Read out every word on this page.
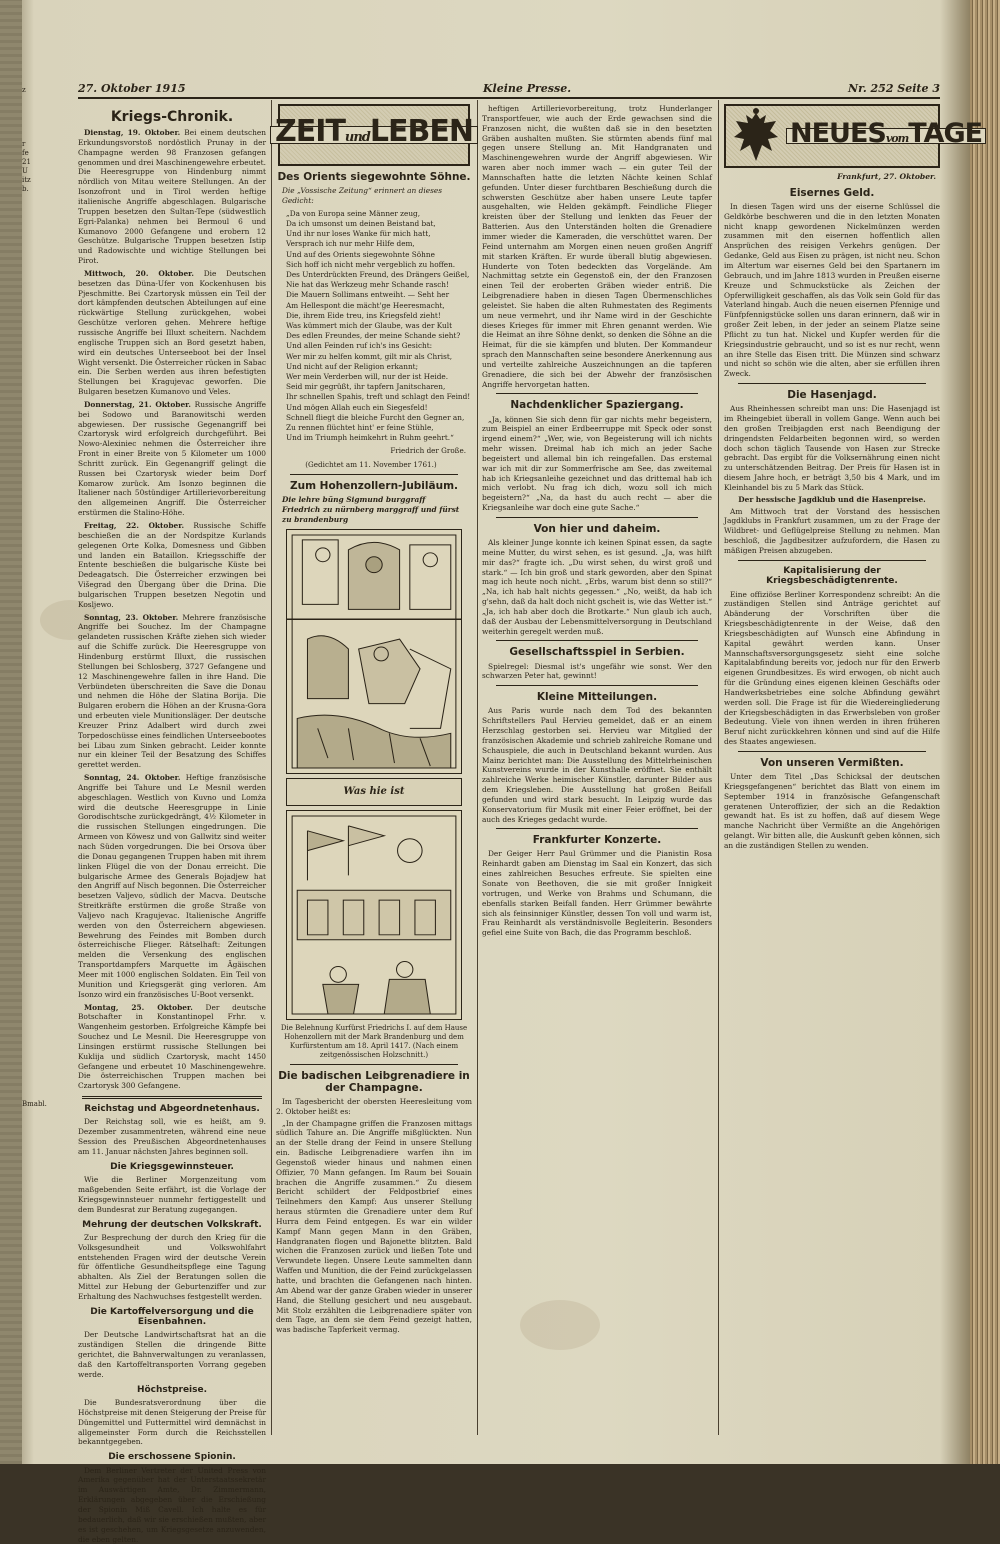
z
r
fe
21
U
itz
b.
Bmabl.
27. Oktober 1915	Kleine Presse.	Nr. 252 Seite 3
Kriegs-Chronik.

Dienstag, 19. Oktober. Bei einem deutschen Erkundungsvorstoß nordöstlich Prunay in der Champagne werden 98 Franzosen gefangen genommen und drei Maschinengewehre erbeutet. Die Heeresgruppe von Hindenburg nimmt nördlich von Mitau weitere Stellungen. An der Isonzofront und in Tirol werden heftige italienische Angriffe abgeschlagen. Bulgarische Truppen besetzen den Sultan-Tepe (südwestlich Egri-Palanka) nehmen bei Bermoul 6 und Kumanovo 2000 Gefangene und erobern 12 Geschütze. Bulgarische Truppen besetzen Istip und Radowischte und wichtige Stellungen bei Pirot.

Mittwoch, 20. Oktober. Die Deutschen besetzen das Düna-Ufer von Kockenhusen bis Pjeschmitte. Bei Czartorysk müssen ein Teil der dort kämpfenden deutschen Abteilungen auf eine rückwärtige Stellung zurückgehen, wobei Geschütze verloren gehen. Mehrere heftige russische Angriffe bei Illuxt scheitern. Nachdem englische Truppen sich an Bord gesetzt haben, wird ein deutsches Unterseeboot bei der Insel Wight versenkt. Die Österreicher rücken in Sabac ein. Die Serben werden aus ihren befestigten Stellungen bei Kragujevac geworfen. Die Bulgaren besetzen Kumanovo und Veles.

Donnerstag, 21. Oktober. Russische Angriffe bei Sodowo und Baranowitschi werden abgewiesen. Der russische Gegenangriff bei Czartorysk wird erfolgreich durchgeführt. Bei Nowo-Alexiniec nehmen die Österreicher ihre Front in einer Breite von 5 Kilometer um 1000 Schritt zurück. Ein Gegenangriff gelingt die Russen bei Czartorysk wieder beim Dorf Komarow zurück. Am Isonzo beginnen die Italiener nach 50stündiger Artillerievorbereitung den allgemeinen Angriff. Die Österreicher erstürmen die Stalino-Höhe.

Freitag, 22. Oktober. Russische Schiffe beschießen die an der Nordspitze Kurlands gelegenen Orte Kolka, Domesness und Gibben und landen ein Bataillon. Kriegsschiffe der Entente beschießen die bulgarische Küste bei Dedeagatsch. Die Österreicher erzwingen bei Višegrad den Übergang über die Drina. Die bulgarischen Truppen besetzen Negotin und Kosljewo.

Sonntag, 23. Oktober. Mehrere französische Angriffe bei Souchez. Im der Champagne gelandeten russischen Kräfte ziehen sich wieder auf die Schiffe zurück. Die Heeresgruppe von Hindenburg erstürmt Illuxt, die russischen Stellungen bei Schlosberg, 3727 Gefangene und 12 Maschinengewehre fallen in ihre Hand. Die Verbündeten überschreiten die Save die Donau und nehmen die Höhe der Slatina Borija. Die Bulgaren erobern die Höhen an der Krusna-Gora und erbeuten viele Munitionsläger. Der deutsche Kreuzer Prinz Adalbert wird durch zwei Torpedoschüsse eines feindlichen Unterseebootes bei Libau zum Sinken gebracht. Leider konnte nur ein kleiner Teil der Besatzung des Schiffes gerettet werden.

Sonntag, 24. Oktober. Heftige französische Angriffe bei Tahure und Le Mesnil werden abgeschlagen. Westlich von Kuvno und Lomża wird die deutsche Heeresgruppe in Linie Gorodischtsche zurückgedrängt, 4½ Kilometer in die russischen Stellungen eingedrungen. Die Armeen von Köwesz und von Gallwitz sind weiter nach Süden vorgedrungen. Die bei Orsova über die Donau gegangenen Truppen haben mit ihrem linken Flügel die von der Donau erreicht. Die bulgarische Armee des Generals Bojadjew hat den Angriff auf Nisch begonnen. Die Österreicher besetzen Valjevo, südlich der Macva. Deutsche Streitkräfte erstürmen die große Straße von Valjevo nach Kragujevac. Italienische Angriffe werden von den Österreichern abgewiesen. Bewehrung des Feindes mit Bomben durch österreichische Flieger. Rätselhaft: Zeitungen melden die Versenkung des englischen Transportdampfers Marquette im Ägäischen Meer mit 1000 englischen Soldaten. Ein Teil von Munition und Kriegsgerät ging verloren. Am Isonzo wird ein französisches U-Boot versenkt.

Montag, 25. Oktober. Der deutsche Botschafter in Konstantinopel Frhr. v. Wangenheim gestorben. Erfolgreiche Kämpfe bei Souchez und Le Mesnil. Die Heeresgruppe von Linsingen erstürmt russische Stellungen bei Kuklija und südlich Czartorysk, macht 1450 Gefangene und erbeutet 10 Maschinengewehre. Die österreichischen Truppen machen bei Czartorysk 300 Gefangene.

Reichstag und Abgeordnetenhaus.

Der Reichstag soll, wie es heißt, am 9. Dezember zusammentreten, während eine neue Session des Preußischen Abgeordnetenhauses am 11. Januar nächsten Jahres beginnen soll.

Die Kriegsgewinnsteuer.

Wie die Berliner Morgenzeitung vom maßgebenden Seite erfährt, ist die Vorlage der Kriegsgewinnsteuer nunmehr fertiggestellt und dem Bundesrat zur Beratung zugegangen.

Mehrung der deutschen Volkskraft.

Zur Besprechung der durch den Krieg für die Volksgesundheit und Volkswohlfahrt entstehenden Fragen wird der deutsche Verein für öffentliche Gesundheitspflege eine Tagung abhalten. Als Ziel der Beratungen sollen die Mittel zur Hebung der Geburtenziffer und zur Erhaltung des Nachwuchses festgestellt werden.

Die Kartoffelversorgung und die Eisenbahnen.

Der Deutsche Landwirtschaftsrat hat an die zuständigen Stellen die dringende Bitte gerichtet, die Bahnverwaltungen zu veranlassen, daß den Kartoffeltransporten Vorrang gegeben werde.

Höchstpreise.

Die Bundesratsverordnung über die Höchstpreise mit denen Steigerung der Preise für Düngemittel und Futtermittel wird demnächst in allgemeinster Form durch die Reichsstellen bekanntgegeben.

Die erschossene Spionin.

Dem Berliner Vertreter der United Press von Amerika gegenüber hat der Unterstaatssekretär im Auswärtigen Amte, Dr. Zimmermann, Erklärungen abgegeben über die Erschießung der Spionin Miß Cavell. Ich halte es für bedauerlich, daß wir sie erschießen mußten, aber es ist geschehen, um Kriegsgesetze anzuwenden, die eben gelten.

ZEITundLEBEN
Des Orients siegewohnte Söhne.
Die „Vossische Zeitung“ erinnert an dieses Gedicht:
„Da von Europa seine Männer zeug,
Da ich umsonst um deinen Beistand bat,
Und ihr nur loses Wanke für mich hatt,
Versprach ich nur mehr Hilfe dem,
Und auf des Orients siegewohnte Söhne
Sich hoff ich nicht mehr vergeblich zu hoffen.
Des Unterdrückten Freund, des Drängers Geißel,
Nie hat das Werkzeug mehr Schande rasch!
Die Mauern Sollimans entweiht. — Seht her
Am Hellespont die mächt'ge Heeresmacht,
Die, ihrem Eide treu, ins Kriegsfeld zieht!
Was kümmert mich der Glaube, was der Kult
Des edlen Freundes, der meine Schande sieht?
Und allen Feinden ruf ich's ins Gesicht:
Wer mir zu helfen kommt, gilt mir als Christ,
Und nicht auf der Religion erkannt;
Wer mein Verderben will, nur der ist Heide.
Seid mir gegrüßt, ihr tapfern Janitscharen,
Ihr schnellen Spahis, treft und schlagt den Feind!
Und mögen Allah euch ein Siegesfeld!
Schnell fliegt die bleiche Furcht den Gegner an,
Zu rennen flüchtet hint' er feine Stühle,
Und im Triumph heimkehrt in Ruhm geehrt.“
Friedrich der Große.
(Gedichtet am 11. November 1761.)
Zum Hohenzollern-Jubiläum.
Die lehre büng Sigmund burggraff Friedrich zu nürnberg marggraff und fürst zu brandenburg
Was hie ist
Die Belehnung Kurfürst Friedrichs I. auf dem Hause Hohenzollern mit der Mark Brandenburg und dem Kurfürstentum am 18. April 1417. (Nach einem zeitgenössischen Holzschnitt.)
Die badischen Leibgrenadiere in der Champagne.

Im Tagesbericht der obersten Heeresleitung vom 2. Oktober heißt es:

„In der Champagne griffen die Franzosen mittags südlich Tahure an. Die Angriffe mißglückten. Nun an der Stelle drang der Feind in unsere Stellung ein. Badische Leibgrenadiere warfen ihn im Gegenstoß wieder hinaus und nahmen einen Offizier, 70 Mann gefangen. Im Raum bei Souain brachen die Angriffe zusammen.“ Zu diesem Bericht schildert der Feldpostbrief eines Teilnehmers den Kampf: Aus unserer Stellung heraus stürmten die Grenadiere unter dem Ruf Hurra dem Feind entgegen. Es war ein wilder Kampf Mann gegen Mann in den Gräben, Handgranaten flogen und Bajonette blitzten. Bald wichen die Franzosen zurück und ließen Tote und Verwundete liegen. Unsere Leute sammelten dann Waffen und Munition, die der Feind zurückgelassen hatte, und brachten die Gefangenen nach hinten. Am Abend war der ganze Graben wieder in unserer Hand, die Stellung gesichert und neu ausgebaut. Mit Stolz erzählten die Leibgrenadiere später von dem Tage, an dem sie dem Feind gezeigt hatten, was badische Tapferkeit vermag.

heftigen Artillerievorbereitung, trotz Hunderlanger Transportfeuer, wie auch der Erde gewachsen sind die Franzosen nicht, die wußten daß sie in den besetzten Gräben aushalten mußten. Sie stürmten abends fünf mal gegen unsere Stellung an. Mit Handgranaten und Maschinengewehren wurde der Angriff abgewiesen. Wir waren aber noch immer wach — ein guter Teil der Mannschaften hatte die letzten Nächte keinen Schlaf gefunden. Unter dieser furchtbaren Beschießung durch die schwersten Geschütze aber haben unsere Leute tapfer ausgehalten, wie Helden gekämpft. Feindliche Flieger kreisten über der Stellung und lenkten das Feuer der Batterien. Aus den Unterständen holten die Grenadiere immer wieder die Kameraden, die verschüttet waren. Der Feind unternahm am Morgen einen neuen großen Angriff mit starken Kräften. Er wurde überall blutig abgewiesen. Hunderte von Toten bedeckten das Vorgelände. Am Nachmittag setzte ein Gegenstoß ein, der den Franzosen einen Teil der eroberten Gräben wieder entriß. Die Leibgrenadiere haben in diesen Tagen Übermenschliches geleistet. Sie haben die alten Ruhmestaten des Regiments um neue vermehrt, und ihr Name wird in der Geschichte dieses Krieges für immer mit Ehren genannt werden. Wie die Heimat an ihre Söhne denkt, so denken die Söhne an die Heimat, für die sie kämpfen und bluten. Der Kommandeur sprach den Mannschaften seine besondere Anerkennung aus und verteilte zahlreiche Auszeichnungen an die tapferen Grenadiere, die sich bei der Abwehr der französischen Angriffe hervorgetan hatten.

Nachdenklicher Spaziergang.

„Ja, können Sie sich denn für gar nichts mehr begeistern, zum Beispiel an einer Erdbeerruppe mit Speck oder sonst irgend einem?“ „Wer, wie, von Begeisterung will ich nichts mehr wissen. Dreimal hab ich mich an jeder Sache begeistert und allemal bin ich reingefallen. Das erstemal war ich mit dir zur Sommerfrische am See, das zweitemal hab ich Kriegsanleihe gezeichnet und das drittemal hab ich mich verlobt. Nu frag ich dich, wozu soll ich mich begeistern?“ „Na, da hast du auch recht — aber die Kriegsanleihe war doch eine gute Sache.“

Von hier und daheim.

Als kleiner Junge konnte ich keinen Spinat essen, da sagte meine Mutter, du wirst sehen, es ist gesund. „Ja, was hilft mir das?“ fragte ich. „Du wirst sehen, du wirst groß und stark.“ — Ich bin groß und stark geworden, aber den Spinat mag ich heute noch nicht. „Erbs, warum bist denn so still?“ „Na, ich hab halt nichts gegessen.“ „No, weißt, da hab ich g'sehn, daß da halt doch nicht gscheit is, wie das Wetter ist.“ „Ja, ich hab aber doch die Brotkarte.“ Nun glaub ich auch, daß der Ausbau der Lebensmittelversorgung in Deutschland weiterhin geregelt werden muß.

Gesellschaftsspiel in Serbien.

Spielregel: Diesmal ist's ungefähr wie sonst. Wer den schwarzen Peter hat, gewinnt!

Kleine Mitteilungen.

Aus Paris wurde nach dem Tod des bekannten Schriftstellers Paul Hervieu gemeldet, daß er an einem Herzschlag gestorben sei. Hervieu war Mitglied der französischen Akademie und schrieb zahlreiche Romane und Schauspiele, die auch in Deutschland bekannt wurden. Aus Mainz berichtet man: Die Ausstellung des Mittelrheinischen Kunstvereins wurde in der Kunsthalle eröffnet. Sie enthält zahlreiche Werke heimischer Künstler, darunter Bilder aus dem Kriegsleben. Die Ausstellung hat großen Beifall gefunden und wird stark besucht. In Leipzig wurde das Konservatorium für Musik mit einer Feier eröffnet, bei der auch des Krieges gedacht wurde.

Frankfurter Konzerte.

Der Geiger Herr Paul Grümmer und die Pianistin Rosa Reinhardt gaben am Dienstag im Saal ein Konzert, das sich eines zahlreichen Besuches erfreute. Sie spielten eine Sonate von Beethoven, die sie mit großer Innigkeit vortrugen, und Werke von Brahms und Schumann, die ebenfalls starken Beifall fanden. Herr Grümmer bewährte sich als feinsinniger Künstler, dessen Ton voll und warm ist, Frau Reinhardt als verständnisvolle Begleiterin. Besonders gefiel eine Suite von Bach, die das Programm beschloß.

NEUESvomTAGE
Frankfurt, 27. Oktober.
Eisernes Geld.

In diesen Tagen wird uns der eiserne Schlüssel die Geldkörbe beschweren und die in den letzten Monaten nicht knapp gewordenen Nickelmünzen werden zusammen mit den eisernen hoffentlich allen Ansprüchen des reisigen Verkehrs genügen. Der Gedanke, Geld aus Eisen zu prägen, ist nicht neu. Schon im Altertum war eisernes Geld bei den Spartanern im Gebrauch, und im Jahre 1813 wurden in Preußen eiserne Kreuze und Schmuckstücke als Zeichen der Opferwilligkeit geschaffen, als das Volk sein Gold für das Vaterland hingab. Auch die neuen eisernen Pfennige und Fünfpfennigstücke sollen uns daran erinnern, daß wir in großer Zeit leben, in der jeder an seinem Platze seine Pflicht zu tun hat. Nickel und Kupfer werden für die Kriegsindustrie gebraucht, und so ist es nur recht, wenn an ihre Stelle das Eisen tritt. Die Münzen sind schwarz und nicht so schön wie die alten, aber sie erfüllen ihren Zweck.

Die Hasenjagd.

Aus Rheinhessen schreibt man uns: Die Hasenjagd ist im Rheingebiet überall in vollem Gange. Wenn auch bei den großen Treibjagden erst nach Beendigung der dringendsten Feldarbeiten begonnen wird, so werden doch schon täglich Tausende von Hasen zur Strecke gebracht. Das ergibt für die Volksernährung einen nicht zu unterschätzenden Beitrag. Der Preis für Hasen ist in diesem Jahre hoch, er beträgt 3,50 bis 4 Mark, und im Kleinhandel bis zu 5 Mark das Stück.

Der hessische Jagdklub und die Hasenpreise.

Am Mittwoch trat der Vorstand des hessischen Jagdklubs in Frankfurt zusammen, um zu der Frage der Wildbret- und Geflügelpreise Stellung zu nehmen. Man beschloß, die Jagdbesitzer aufzufordern, die Hasen zu mäßigen Preisen abzugeben.

Kapitalisierung der Kriegsbeschädigtenrente.

Eine offiziöse Berliner Korrespondenz schreibt: An die zuständigen Stellen sind Anträge gerichtet auf Abänderung der Vorschriften über die Kriegsbeschädigtenrente in der Weise, daß den Kriegsbeschädigten auf Wunsch eine Abfindung in Kapital gewährt werden kann. Unser Mannschaftsversorgungsgesetz sieht eine solche Kapitalabfindung bereits vor, jedoch nur für den Erwerb eigenen Grundbesitzes. Es wird erwogen, ob nicht auch für die Gründung eines eigenen kleinen Geschäfts oder Handwerksbetriebes eine solche Abfindung gewährt werden soll. Die Frage ist für die Wiedereingliederung der Kriegsbeschädigten in das Erwerbsleben von großer Bedeutung. Viele von ihnen werden in ihren früheren Beruf nicht zurückkehren können und sind auf die Hilfe des Staates angewiesen.

Von unseren Vermißten.

Unter dem Titel „Das Schicksal der deutschen Kriegsgefangenen“ berichtet das Blatt von einem im September 1914 in französische Gefangenschaft geratenen Unteroffizier, der sich an die Redaktion gewandt hat. Es ist zu hoffen, daß auf diesem Wege manche Nachricht über Vermißte an die Angehörigen gelangt. Wir bitten alle, die Auskunft geben können, sich an die zuständigen Stellen zu wenden.
